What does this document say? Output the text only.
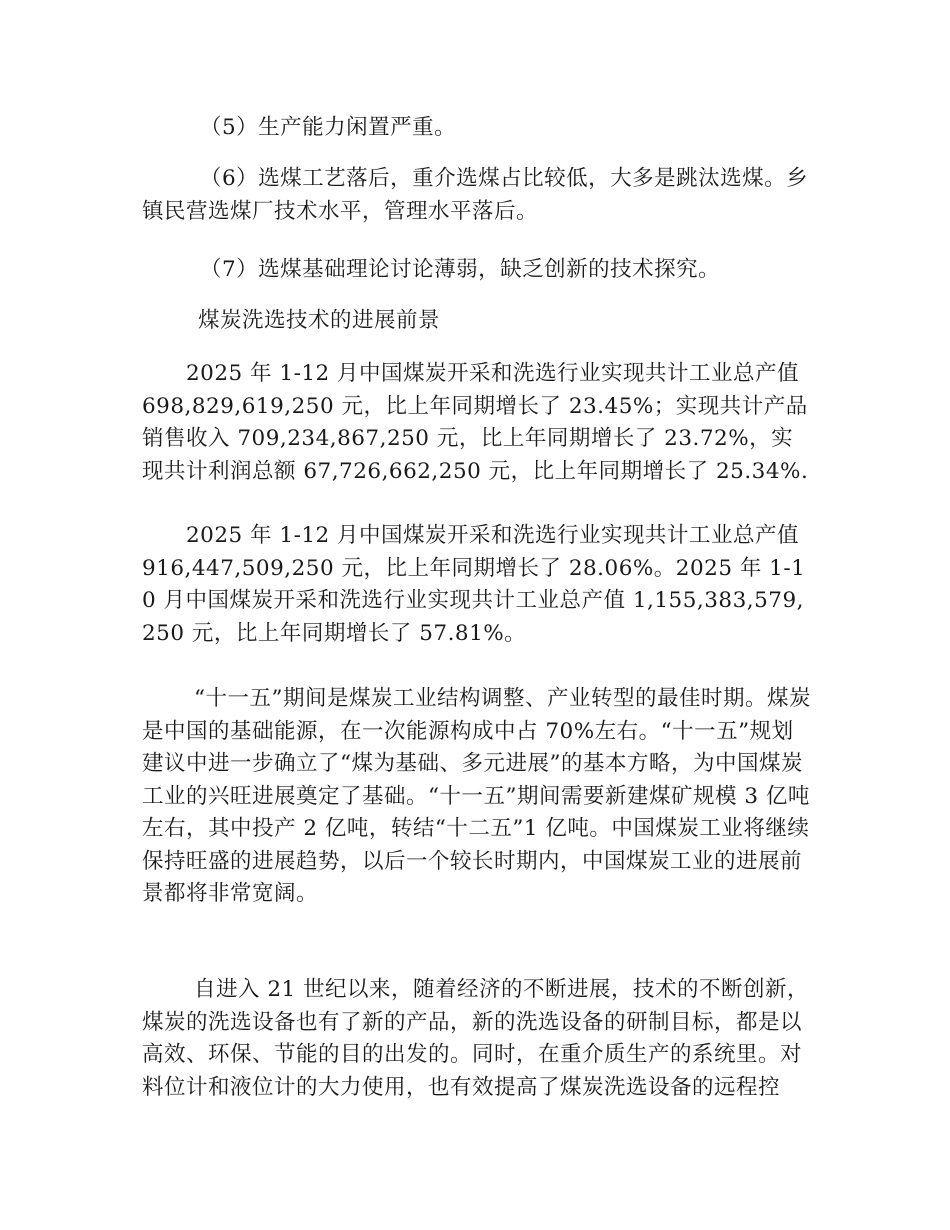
（5）生产能力闲置严重。

（6）选煤工艺落后，重介选煤占比较低，大多是跳汰选煤。乡镇民营选煤厂技术水平，管理水平落后。

（7）选煤基础理论讨论薄弱，缺乏创新的技术探究。

煤炭洗选技术的进展前景

2025 年 1-12 月中国煤炭开采和洗选行业实现共计工业总产值 698,829,619,250 元，比上年同期增长了 23.45%；实现共计产品销售收入 709,234,867,250 元，比上年同期增长了 23.72%，实现共计利润总额 67,726,662,250 元，比上年同期增长了 25.34%.

2025 年 1-12 月中国煤炭开采和洗选行业实现共计工业总产值 916,447,509,250 元，比上年同期增长了 28.06%。2025 年 1-10 月中国煤炭开采和洗选行业实现共计工业总产值 1,155,383,579,250 元，比上年同期增长了 57.81%。

“十一五”期间是煤炭工业结构调整、产业转型的最佳时期。煤炭是中国的基础能源，在一次能源构成中占 70%左右。“十一五”规划建议中进一步确立了“煤为基础、多元进展”的基本方略，为中国煤炭工业的兴旺进展奠定了基础。“十一五”期间需要新建煤矿规模 3 亿吨左右，其中投产 2 亿吨，转结“十二五”1 亿吨。中国煤炭工业将继续保持旺盛的进展趋势，以后一个较长时期内，中国煤炭工业的进展前景都将非常宽阔。

自进入 21 世纪以来，随着经济的不断进展，技术的不断创新，煤炭的洗选设备也有了新的产品，新的洗选设备的研制目标，都是以高效、环保、节能的目的出发的。同时，在重介质生产的系统里。对料位计和液位计的大力使用，也有效提高了煤炭洗选设备的远程控
